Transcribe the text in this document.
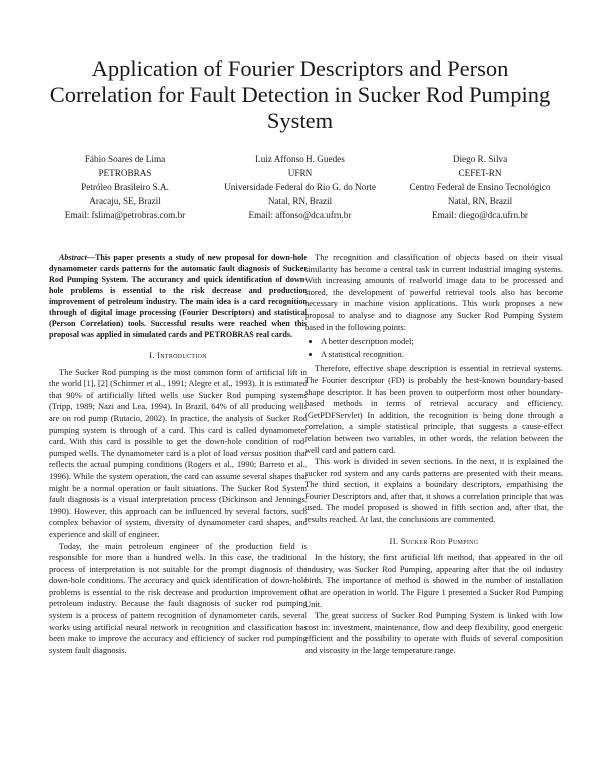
Application of Fourier Descriptors and Person Correlation for Fault Detection in Sucker Rod Pumping System
Fábio Soares de Lima
PETROBRAS
Petróleo Brasileiro S.A.
Aracaju, SE, Brazil
Email: fslima@petrobras.com.br
Luiz Affonso H. Guedes
UFRN
Universidade Federal do Rio G. do Norte
Natal, RN, Brazil
Email: affonso@dca.ufrn.br
Diego R. Silva
CEFET-RN
Centro Federal de Ensino Tecnológico
Natal, RN, Brazil
Email: diego@dca.ufrn.br

Abstract—This paper presents a study of new proposal for down-hole dynamometer cards patterns for the automatic fault diagnosis of Sucker Rod Pumping System. The accurancy and quick identification of down-hole problems is essential to the risk decrease and production improvement of petroleum industry. The main idea is a card recognition through of digital image processing (Fourier Descriptors) and statistical (Person Correlation) tools. Successful results were reached when this proposal was applied in simulated cards and PETROBRAS real cards.

I. Introduction

The Sucker Rod pumping is the most common form of artificial lift in the world [1], [2] (Schirmer et al., 1991; Alegre et al., 1993). It is estimated that 90% of artificially lifted wells use Sucker Rod pumping systems (Tripp, 1989; Nazi and Lea, 1994). In Brazil, 64% of all producing wells are on rod pump (Rutacio, 2002). In practice, the analysis of Sucker Rod pumping system is through of a card. This card is called dynamometer card. With this card is possible to get the down-hole condition of rod-pumped wells. The dynamometer card is a plot of load versus position that reflects the actual pumping conditions (Rogers et al., 1990; Barreto et al., 1996). While the system operation, the card can assume several shapes that might be a normal operation or fault situations. The Sucker Rod System fault diagnosis is a visual interpretation process (Dickinson and Jennings, 1990). However, this approach can be influenced by several factors, such complex behavior of system, diversity of dynamometer card shapes, and experience and skill of engineer.

Today, the main petroleum engineer of the production field is responsible for more than a hundred wells. In this case, the traditional process of interpretation is not suitable for the prompt diagnosis of the down-hole conditions. The accuracy and quick identification of down-hole problems is essential to the risk decrease and production improvement of petroleum industry. Because the fault diagnosis of sucker rod pumping system is a process of pattern recognition of dynamometer cards, several works using artificial neural network in recognition and classification has been make to improve the accuracy and efficiency of sucker rod pumping system fault diagnosis.

The recognition and classification of objects based on their visual similarity has become a central task in current industrial imaging systems. With increasing amounts of realworld image data to be processed and stored, the development of powerful retrieval tools also has become necessary in machine vision applications. This work proposes a new proposal to analyse and to diagnose any Sucker Rod Pumping System based in the following points:

• A better description model;
• A statistical recognition.

Therefore, effective shape description is essential in retrieval systems. The Fourier descriptor (FD) is probably the best-known boundary-based shape descriptor. It has been proven to outperform most other boundary-based methods in terms of retrieval accuracy and efficiency. (GetPDFServlet) In addition, the recognition is being done through a correlation, a simple statistical principle, that suggests a cause-effect relation between two variables, in other words, the relation between the well card and pattern card.

This work is divided in seven sections. In the next, it is explained the sucker rod system and any cards patterns are presented with their means. The third section, it explains a boundary descriptors, empathising the Fourier Descriptors and, after that, it shows a correlation principle that was used. The model proposed is showed in fifth section and, after that, the results reached. At last, the conclusions are commented.

II. Sucker Rod Pumping

In the history, the first artificial lift method, that appeared in the oil industry, was Sucker Rod Pumping, appearing after that the oil industry birth. The importance of method is showed in the number of installation that are operation in world. The Figure 1 presented a Sucker Rod Pumping Unit.

The great success of Sucker Rod Pumping System is linked with low cost in: investment, maintenance, flow and deep flexibility, good energetic efficient and the possibility to operate with fluids of several composition and viscosity in the large temperature range.
